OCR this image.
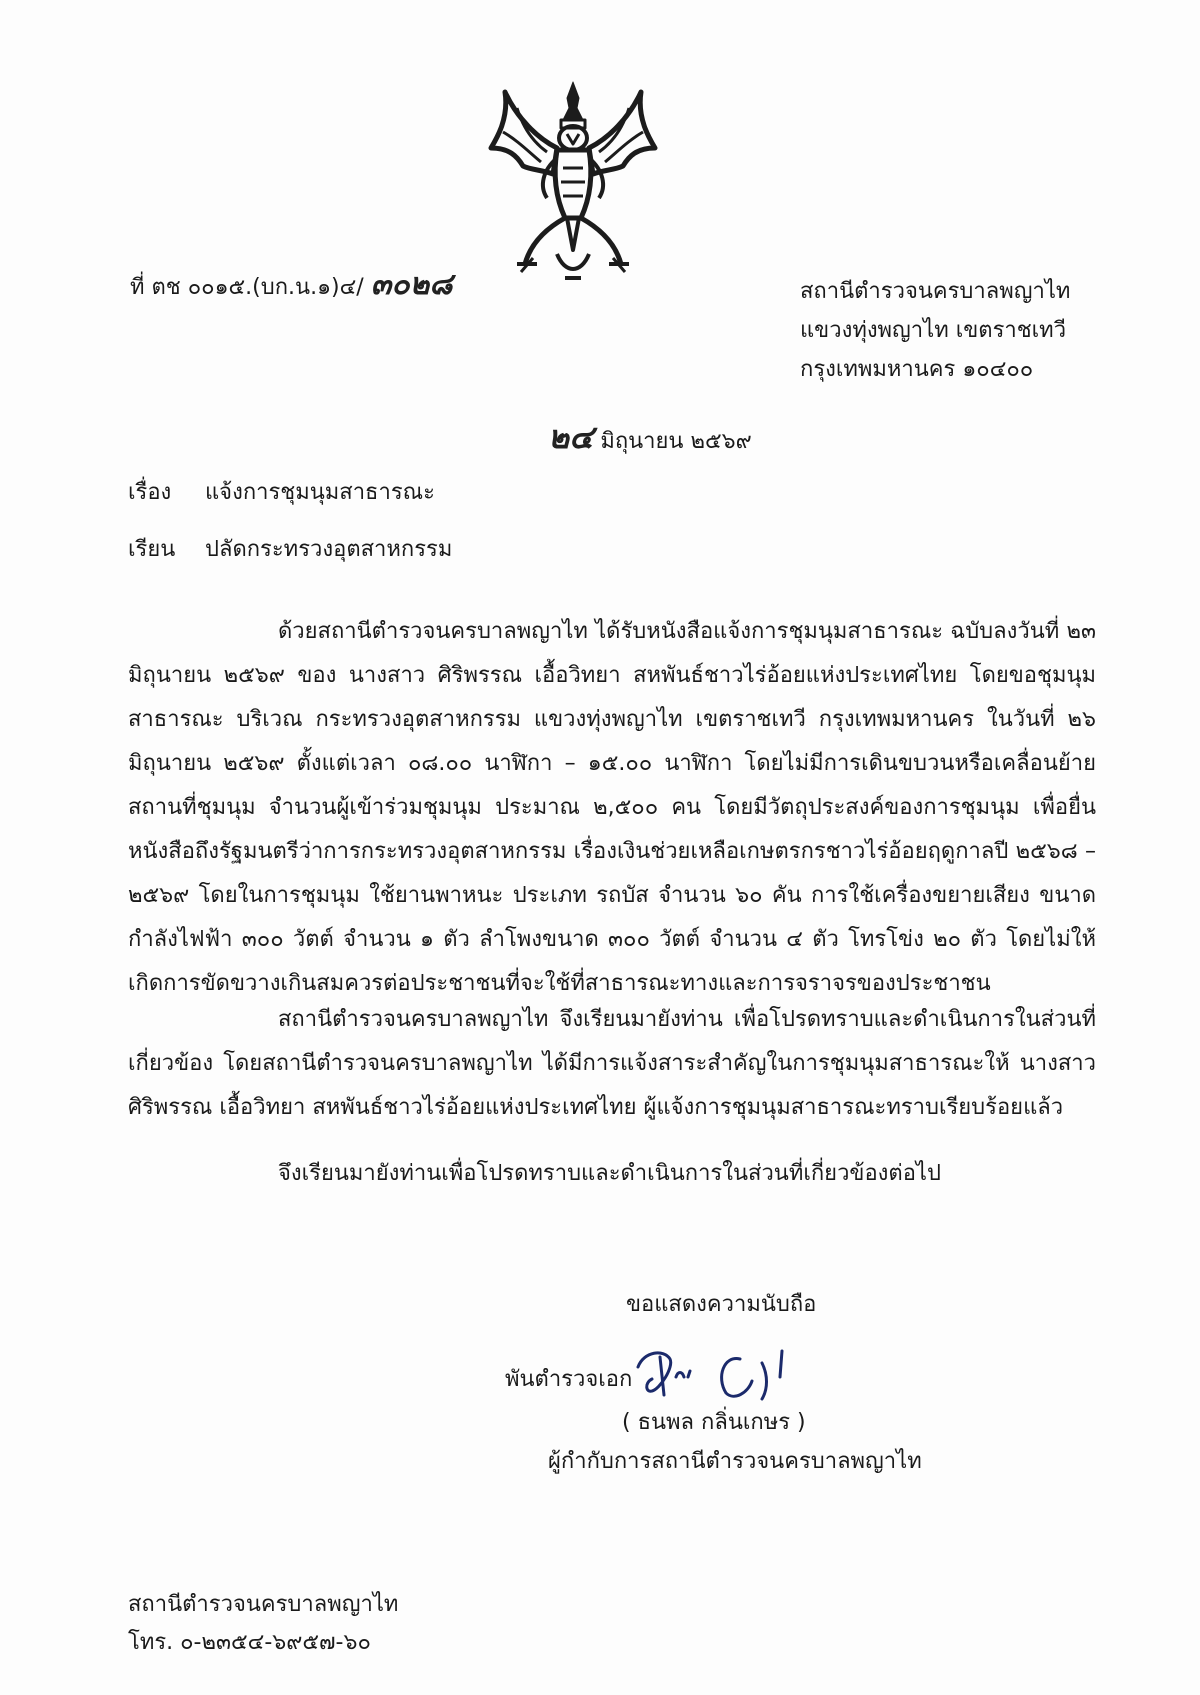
ที่ ตช ๐๐๑๕.(บก.น.๑)๔/ ๓๐๒๘	สถานีตำรวจนครบาลพญาไท
แขวงทุ่งพญาไท เขตราชเทวี
กรุงเทพมหานคร ๑๐๔๐๐
๒๔ มิถุนายน ๒๕๖๙
เรื่อง แจ้งการชุมนุมสาธารณะ
เรียน ปลัดกระทรวงอุตสาหกรรม
ด้วยสถานีตำรวจนครบาลพญาไท ได้รับหนังสือแจ้งการชุมนุมสาธารณะ ฉบับลงวันที่ ๒๓ มิถุนายน ๒๕๖๙ ของ นางสาว ศิริพรรณ เอื้อวิทยา สหพันธ์ชาวไร่อ้อยแห่งประเทศไทย โดยขอชุมนุมสาธารณะ บริเวณ กระทรวงอุตสาหกรรม แขวงทุ่งพญาไท เขตราชเทวี กรุงเทพมหานคร ในวันที่ ๒๖ มิถุนายน ๒๕๖๙ ตั้งแต่เวลา ๐๘.๐๐ นาฬิกา – ๑๕.๐๐ นาฬิกา โดยไม่มีการเดินขบวนหรือเคลื่อนย้ายสถานที่ชุมนุม จำนวนผู้เข้าร่วมชุมนุม ประมาณ ๒,๕๐๐ คน โดยมีวัตถุประสงค์ของการชุมนุม เพื่อยื่นหนังสือถึงรัฐมนตรีว่าการกระทรวงอุตสาหกรรม เรื่องเงินช่วยเหลือเกษตรกรชาวไร่อ้อยฤดูกาลปี ๒๕๖๘ – ๒๕๖๙ โดยในการชุมนุม ใช้ยานพาหนะ ประเภท รถบัส จำนวน ๖๐ คัน การใช้เครื่องขยายเสียง ขนาดกำลังไฟฟ้า ๓๐๐ วัตต์ จำนวน ๑ ตัว ลำโพงขนาด ๓๐๐ วัตต์ จำนวน ๔ ตัว โทรโข่ง ๒๐ ตัว โดยไม่ให้เกิดการขัดขวางเกินสมควรต่อประชาชนที่จะใช้ที่สาธารณะทางและการจราจรของประชาชน
สถานีตำรวจนครบาลพญาไท จึงเรียนมายังท่าน เพื่อโปรดทราบและดำเนินการในส่วนที่เกี่ยวข้อง โดยสถานีตำรวจนครบาลพญาไท ได้มีการแจ้งสาระสำคัญในการชุมนุมสาธารณะให้ นางสาวศิริพรรณ เอื้อวิทยา สหพันธ์ชาวไร่อ้อยแห่งประเทศไทย ผู้แจ้งการชุมนุมสาธารณะทราบเรียบร้อยแล้ว
จึงเรียนมายังท่านเพื่อโปรดทราบและดำเนินการในส่วนที่เกี่ยวข้องต่อไป
ขอแสดงความนับถือ
พันตำรวจเอก
( ธนพล กลิ่นเกษร )
ผู้กำกับการสถานีตำรวจนครบาลพญาไท
สถานีตำรวจนครบาลพญาไท
โทร. ๐-๒๓๕๔-๖๙๕๗-๖๐
